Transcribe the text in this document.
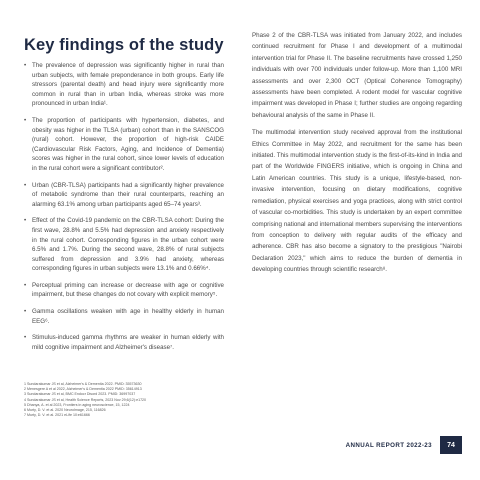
Key findings of the study
• The prevalence of depression was significantly higher in rural than urban subjects, with female preponderance in both groups. Early life stressors (parental death) and head injury were significantly more common in rural than in urban India, whereas stroke was more pronounced in urban India¹.
• The proportion of participants with hypertension, diabetes, and obesity was higher in the TLSA (urban) cohort than in the SANSCOG (rural) cohort. However, the proportion of high-risk CAIDE (Cardiovascular Risk Factors, Aging, and Incidence of Dementia) scores was higher in the rural cohort, since lower levels of education in the rural cohort were a significant contributor².
• Urban (CBR-TLSA) participants had a significantly higher prevalence of metabolic syndrome than their rural counterparts, reaching an alarming 63.1% among urban participants aged 65–74 years³.
• Effect of the Covid-19 pandemic on the CBR-TLSA cohort: During the first wave, 28.8% and 5.5% had depression and anxiety respectively in the rural cohort. Corresponding figures in the urban cohort were 6.5% and 1.7%. During the second wave, 28.8% of rural subjects suffered from depression and 3.9% had anxiety, whereas corresponding figures in urban subjects were 13.1% and 0.66%⁴.
• Perceptual priming can increase or decrease with age or cognitive impairment, but these changes do not covary with explicit memory⁵.
• Gamma oscillations weaken with age in healthy elderly in human EEG⁶.
• Stimulus-induced gamma rhythms are weaker in human elderly with mild cognitive impairment and Alzheimer's disease⁷.
1 Sundarakumar JS et al, Alzheimer's & Dementia 2022. PMID: 35573630
2 Menesgere A et al 2022, Alzheimer's & Dementia 2022 PMID: 35614913
3 Sundarakumar JS et al, BMC Endocr Disord 2023. PMID: 36997037
4 Sundarakumar JS et al, Health Science Reports, 2023 Nov 29;6(12):e1720
5 Dhanya, A. et al 2023, Frontiers in aging neuroscience, 15, 1224
6 Murty, D. V. et al. 2020 NeuroImage, 215, 116826
7 Murty, D. V. et al. 2021 eLife 10:e61666

Phase 2 of the CBR-TLSA was initiated from January 2022, and includes continued recruitment for Phase I and development of a multimodal intervention trial for Phase II. The baseline recruitments have crossed 1,250 individuals with over 700 individuals under follow-up. More than 1,100 MRI assessments and over 2,300 OCT (Optical Coherence Tomography) assessments have been completed. A rodent model for vascular cognitive impairment was developed in Phase I; further studies are ongoing regarding behavioural analysis of the same in Phase II.

The multimodal intervention study received approval from the institutional Ethics Committee in May 2022, and recruitment for the same has been initiated. This multimodal intervention study is the first-of-its-kind in India and part of the Worldwide FINGERS initiative, which is ongoing in China and Latin American countries. This study is a unique, lifestyle-based, non-invasive intervention, focusing on dietary modifications, cognitive remediation, physical exercises and yoga practices, along with strict control of vascular co-morbidities. This study is undertaken by an expert committee comprising national and international members supervising the interventions from conception to delivery with regular audits of the efficacy and adherence. CBR has also become a signatory to the prestigious "Nairobi Declaration 2023," which aims to reduce the burden of dementia in developing countries through scientific research⁸.

ANNUAL REPORT 2022-23	74
